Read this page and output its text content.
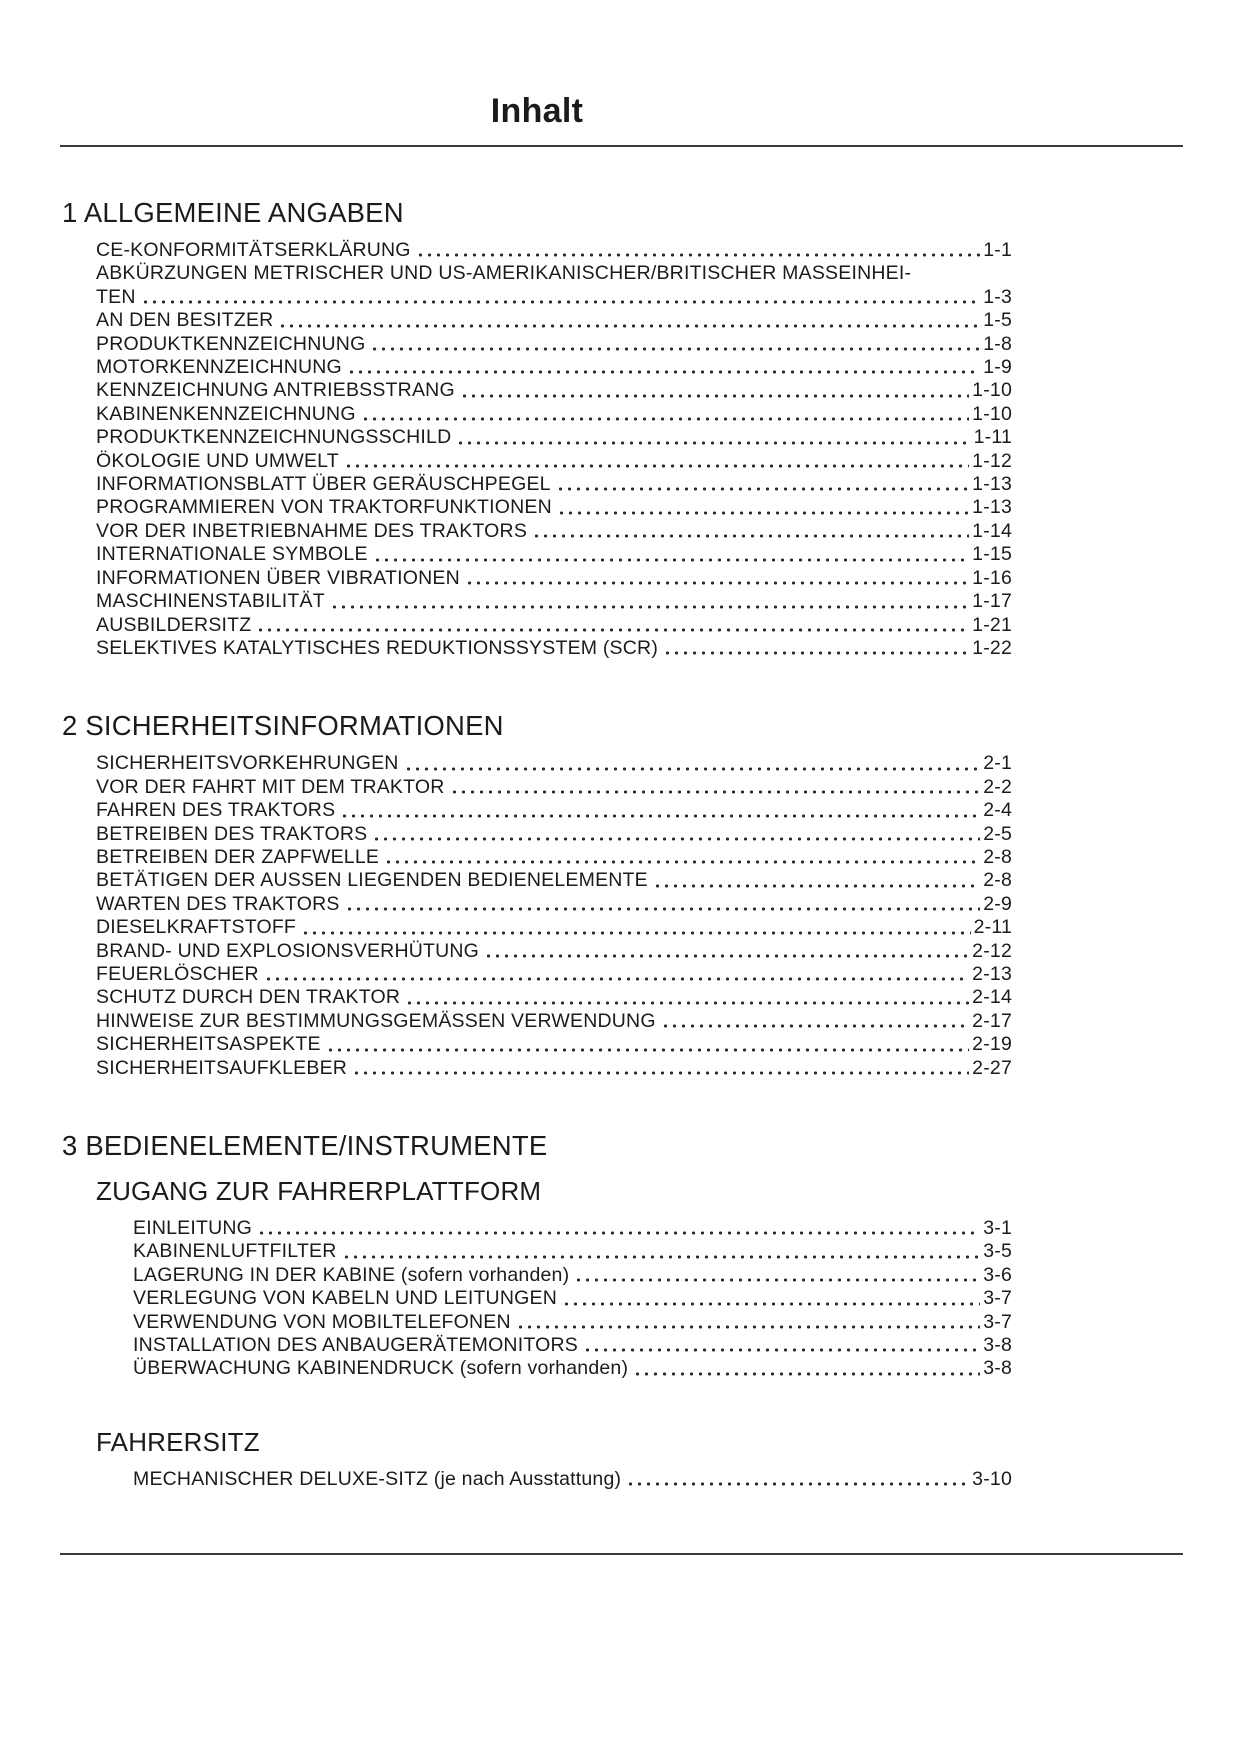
Inhalt
1 ALLGEMEINE ANGABEN
CE-KONFORMITÄTSERKLÄRUNG	1-1
ABKÜRZUNGEN METRISCHER UND US-AMERIKANISCHER/BRITISCHER MASSEINHEI-
TEN	1-3
AN DEN BESITZER	1-5
PRODUKTKENNZEICHNUNG	1-8
MOTORKENNZEICHNUNG	1-9
KENNZEICHNUNG ANTRIEBSSTRANG	1-10
KABINENKENNZEICHNUNG	1-10
PRODUKTKENNZEICHNUNGSSCHILD	1-11
ÖKOLOGIE UND UMWELT	1-12
INFORMATIONSBLATT ÜBER GERÄUSCHPEGEL	1-13
PROGRAMMIEREN VON TRAKTORFUNKTIONEN	1-13
VOR DER INBETRIEBNAHME DES TRAKTORS	1-14
INTERNATIONALE SYMBOLE	1-15
INFORMATIONEN ÜBER VIBRATIONEN	1-16
MASCHINENSTABILITÄT	1-17
AUSBILDERSITZ	1-21
SELEKTIVES KATALYTISCHES REDUKTIONSSYSTEM (SCR)	1-22
2 SICHERHEITSINFORMATIONEN
SICHERHEITSVORKEHRUNGEN	2-1
VOR DER FAHRT MIT DEM TRAKTOR	2-2
FAHREN DES TRAKTORS	2-4
BETREIBEN DES TRAKTORS	2-5
BETREIBEN DER ZAPFWELLE	2-8
BETÄTIGEN DER AUSSEN LIEGENDEN BEDIENELEMENTE	2-8
WARTEN DES TRAKTORS	2-9
DIESELKRAFTSTOFF	2-11
BRAND- UND EXPLOSIONSVERHÜTUNG	2-12
FEUERLÖSCHER	2-13
SCHUTZ DURCH DEN TRAKTOR	2-14
HINWEISE ZUR BESTIMMUNGSGEMÄSSEN VERWENDUNG	2-17
SICHERHEITSASPEKTE	2-19
SICHERHEITSAUFKLEBER	2-27
3 BEDIENELEMENTE/INSTRUMENTE
ZUGANG ZUR FAHRERPLATTFORM
EINLEITUNG	3-1
KABINENLUFTFILTER	3-5
LAGERUNG IN DER KABINE (sofern vorhanden)	3-6
VERLEGUNG VON KABELN UND LEITUNGEN	3-7
VERWENDUNG VON MOBILTELEFONEN	3-7
INSTALLATION DES ANBAUGERÄTEMONITORS	3-8
ÜBERWACHUNG KABINENDRUCK (sofern vorhanden)	3-8
FAHRERSITZ
MECHANISCHER DELUXE-SITZ (je nach Ausstattung)	3-10
